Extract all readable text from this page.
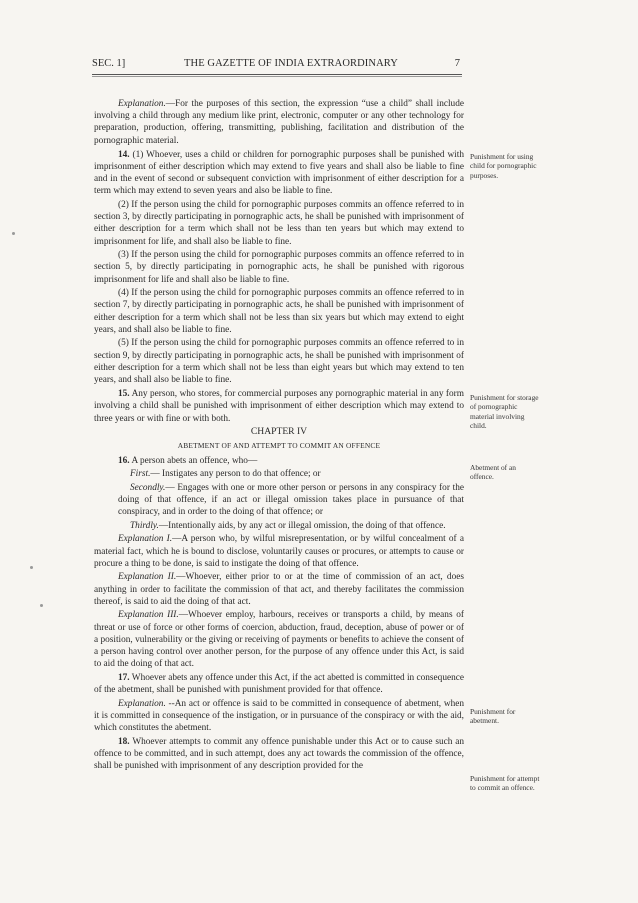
SEC. 1]	THE GAZETTE OF INDIA EXTRAORDINARY	7

Explanation.—For the purposes of this section, the expression “use a child” shall include involving a child through any medium like print, electronic, computer or any other technology for preparation, production, offering, transmitting, publishing, facilitation and distribution of the pornographic material.

14. (1) Whoever, uses a child or children for pornographic purposes shall be punished with imprisonment of either description which may extend to five years and shall also be liable to fine and in the event of second or subsequent conviction with imprisonment of either description for a term which may extend to seven years and also be liable to fine.

(2) If the person using the child for pornographic purposes commits an offence referred to in section 3, by directly participating in pornographic acts, he shall be punished with imprisonment of either description for a term which shall not be less than ten years but which may extend to imprisonment for life, and shall also be liable to fine.

(3) If the person using the child for pornographic purposes commits an offence referred to in section 5, by directly participating in pornographic acts, he shall be punished with rigorous imprisonment for life and shall also be liable to fine.

(4) If the person using the child for pornographic purposes commits an offence referred to in section 7, by directly participating in pornographic acts, he shall be punished with imprisonment of either description for a term which shall not be less than six years but which may extend to eight years, and shall also be liable to fine.

(5) If the person using the child for pornographic purposes commits an offence referred to in section 9, by directly participating in pornographic acts, he shall be punished with imprisonment of either description for a term which shall not be less than eight years but which may extend to ten years, and shall also be liable to fine.

15. Any person, who stores, for commercial purposes any pornographic material in any form involving a child shall be punished with imprisonment of either description which may extend to three years or with fine or with both.

CHAPTER IV
ABETMENT OF AND ATTEMPT TO COMMIT AN OFFENCE

16. A person abets an offence, who—

First.— Instigates any person to do that offence; or

Secondly.— Engages with one or more other person or persons in any conspiracy for the doing of that offence, if an act or illegal omission takes place in pursuance of that conspiracy, and in order to the doing of that offence; or

Thirdly.—Intentionally aids, by any act or illegal omission, the doing of that offence.

Explanation I.—A person who, by wilful misrepresentation, or by wilful concealment of a material fact, which he is bound to disclose, voluntarily causes or procures, or attempts to cause or procure a thing to be done, is said to instigate the doing of that offence.

Explanation II.—Whoever, either prior to or at the time of commission of an act, does anything in order to facilitate the commission of that act, and thereby facilitates the commission thereof, is said to aid the doing of that act.

Explanation III.—Whoever employ, harbours, receives or transports a child, by means of threat or use of force or other forms of coercion, abduction, fraud, deception, abuse of power or of a position, vulnerability or the giving or receiving of payments or benefits to achieve the consent of a person having control over another person, for the purpose of any offence under this Act, is said to aid the doing of that act.

17. Whoever abets any offence under this Act, if the act abetted is committed in consequence of the abetment, shall be punished with punishment provided for that offence.

Explanation. --An act or offence is said to be committed in consequence of abetment, when it is committed in consequence of the instigation, or in pursuance of the conspiracy or with the aid, which constitutes the abetment.

18. Whoever attempts to commit any offence punishable under this Act or to cause such an offence to be committed, and in such attempt, does any act towards the commission of the offence, shall be punished with imprisonment of any description provided for the

Punishment for using child for pornographic purposes.
Punishment for storage of pornographic material involving child.
Abetment of an offence.
Punishment for abetment.
Punishment for attempt to commit an offence.
